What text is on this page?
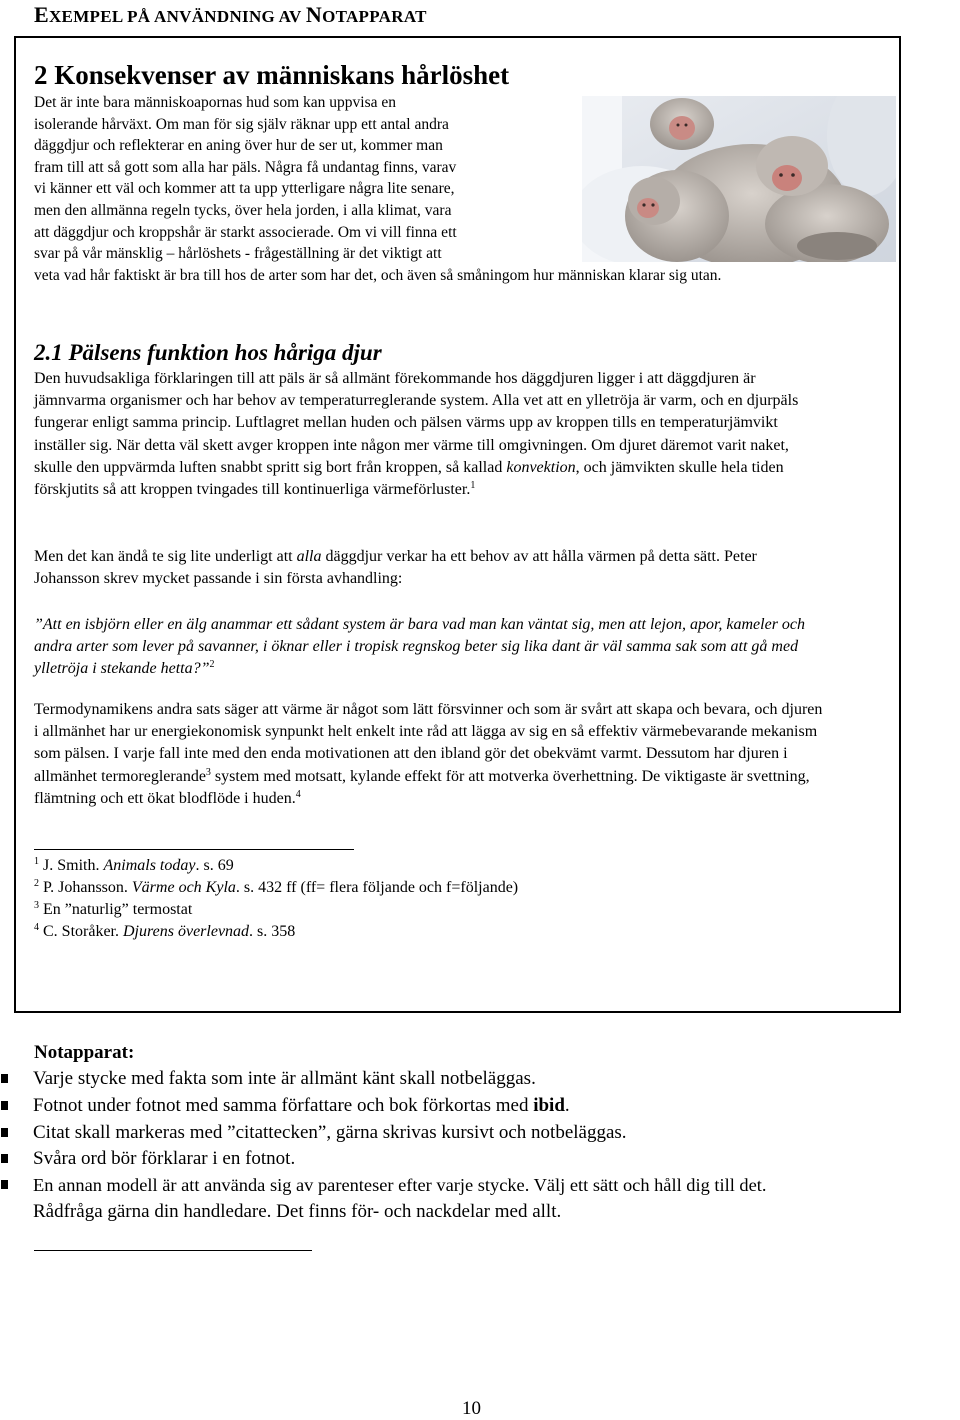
EXEMPEL PÅ ANVÄNDNING AV NOTAPPARAT
2 Konsekvenser av människans hårlöshet
Det är inte bara människoapornas hud som kan uppvisa en
isolerande hårväxt. Om man för sig själv räknar upp ett antal andra
däggdjur och reflekterar en aning över hur de ser ut, kommer man
fram till att så gott som alla har päls. Några få undantag finns, varav
vi känner ett väl och kommer att ta upp ytterligare några lite senare,
men den allmänna regeln tycks, över hela jorden, i alla klimat, vara
att däggdjur och kroppshår är starkt associerade. Om vi vill finna ett
svar på vår mänsklig – hårlöshets - frågeställning är det viktigt att
veta vad hår faktiskt är bra till hos de arter som har det, och även så småningom hur människan klarar sig utan.
2.1 Pälsens funktion hos håriga djur

Den huvudsakliga förklaringen till att päls är så allmänt förekommande hos däggdjuren ligger i att däggdjuren är jämnvarma organismer och har behov av temperaturreglerande system. Alla vet att en ylletröja är varm, och en djurpäls fungerar enligt samma princip. Luftlagret mellan huden och pälsen värms upp av kroppen tills en temperaturjämvikt inställer sig. När detta väl skett avger kroppen inte någon mer värme till omgivningen. Om djuret däremot varit naket, skulle den uppvärmda luften snabbt spritt sig bort från kroppen, så kallad konvektion, och jämvikten skulle hela tiden förskjutits så att kroppen tvingades till kontinuerliga värmeförluster.$^1$

Men det kan ändå te sig lite underligt att alla däggdjur verkar ha ett behov av att hålla värmen på detta sätt. Peter Johansson skrev mycket passande i sin första avhandling:

”Att en isbjörn eller en älg anammar ett sådant system är bara vad man kan väntat sig, men att lejon, apor, kameler och andra arter som lever på savanner, i öknar eller i tropisk regnskog beter sig lika dant är väl samma sak som att gå med ylletröja i stekande hetta?”$^2$

Termodynamikens andra sats säger att värme är något som lätt försvinner och som är svårt att skapa och bevara, och djuren i allmänhet har ur energiekonomisk synpunkt helt enkelt inte råd att lägga av sig en så effektiv värmebevarande mekanism som pälsen. I varje fall inte med den enda motivationen att den ibland gör det obekvämt varmt. Dessutom har djuren i allmänhet termoreglerande$^3$ system med motsatt, kylande effekt för att motverka överhettning. De viktigaste är svettning, flämtning och ett ökat blodflöde i huden.$^4$

$^1$ J. Smith. Animals today. s. 69
$^2$ P. Johansson. Värme och Kyla. s. 432 ff (ff= flera följande och f=följande)
$^3$ En ”naturlig” termostat
$^4$ C. Storåker. Djurens överlevnad. s. 358
Notapparat:
Varje stycke med fakta som inte är allmänt känt skall notbeläggas.
Fotnot under fotnot med samma författare och bok förkortas med ibid.
Citat skall markeras med ”citattecken”, gärna skrivas kursivt och notbeläggas.
Svåra ord bör förklarar i en fotnot.
En annan modell är att använda sig av parenteser efter varje stycke. Välj ett sätt och håll dig till det.
Rådfråga gärna din handledare. Det finns för- och nackdelar med allt.
10
